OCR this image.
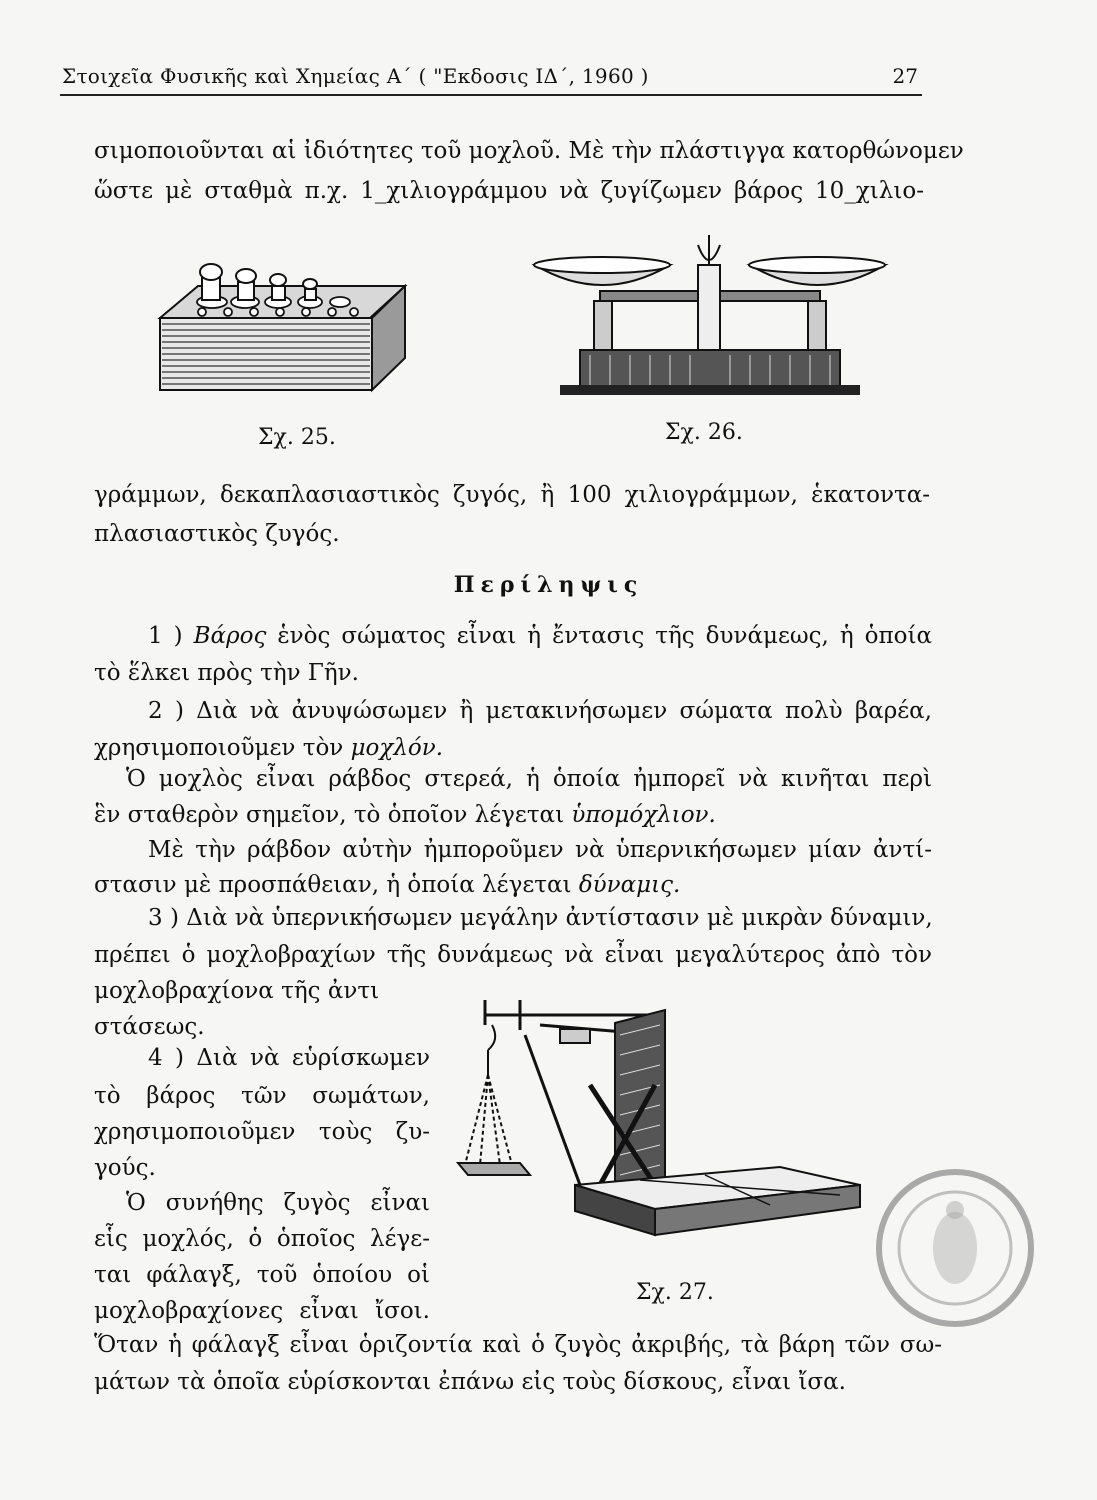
Στοιχεῖα Φυσικῆς καὶ Χημείας Α΄ ( "Εκδοσις ΙΔ΄, 1960 )	27
σιμοποιοῦνται αἱ ἰδιότητες τοῦ μοχλοῦ. Μὲ τὴν πλάστιγγα κατορθώνομεν
ὥστε μὲ σταθμὰ π.χ. 1_χιλιογράμμου νὰ ζυγίζωμεν βάρος 10_χιλιο-
Σχ. 25.	Σχ. 26.
γράμμων, δεκαπλασιαστικὸς ζυγός, ἢ 100 χιλιογράμμων, ἑκατοντα-
πλασιαστικὸς ζυγός.
Περίληψις
1 ) Βάρος ἑνὸς σώματος εἶναι ἡ ἔντασις τῆς δυνάμεως, ἡ ὁποία
τὸ ἕλκει πρὸς τὴν Γῆν.
2 ) Διὰ νὰ ἀνυψώσωμεν ἢ μετακινήσωμεν σώματα πολὺ βαρέα,
χρησιμοποιοῦμεν τὸν μοχλόν.
Ὁ μοχλὸς εἶναι ράβδος στερεά, ἡ ὁποία ἠμπορεῖ νὰ κινῆται περὶ
ἓν σταθερὸν σημεῖον, τὸ ὁποῖον λέγεται ὑπομόχλιον.
Μὲ τὴν ράβδον αὐτὴν ἠμποροῦμεν νὰ ὑπερνικήσωμεν μίαν ἀντί-
στασιν μὲ προσπάθειαν, ἡ ὁποία λέγεται δύναμις.
3 ) Διὰ νὰ ὑπερνικήσωμεν μεγάλην ἀντίστασιν μὲ μικρὰν δύναμιν,
πρέπει ὁ μοχλοβραχίων τῆς δυνάμεως νὰ εἶναι μεγαλύτερος ἀπὸ τὸν
μοχλοβραχίονα τῆς ἀντι
στάσεως.
4 ) Διὰ νὰ εὑρίσκωμεν
τὸ βάρος τῶν σωμάτων,
χρησιμοποιοῦμεν τοὺς ζυ-
γούς.
Ὁ συνήθης ζυγὸς εἶναι
εἷς μοχλός, ὁ ὁποῖος λέγε-
ται φάλαγξ, τοῦ ὁποίου οἱ
μοχλοβραχίονες εἶναι ἴσοι.
Ὅταν ἡ φάλαγξ εἶναι ὁριζοντία καὶ ὁ ζυγὸς ἀκριβής, τὰ βάρη τῶν σω-
μάτων τὰ ὁποῖα εὑρίσκονται ἐπάνω εἰς τοὺς δίσκους, εἶναι ἴσα.
Σχ. 27.
